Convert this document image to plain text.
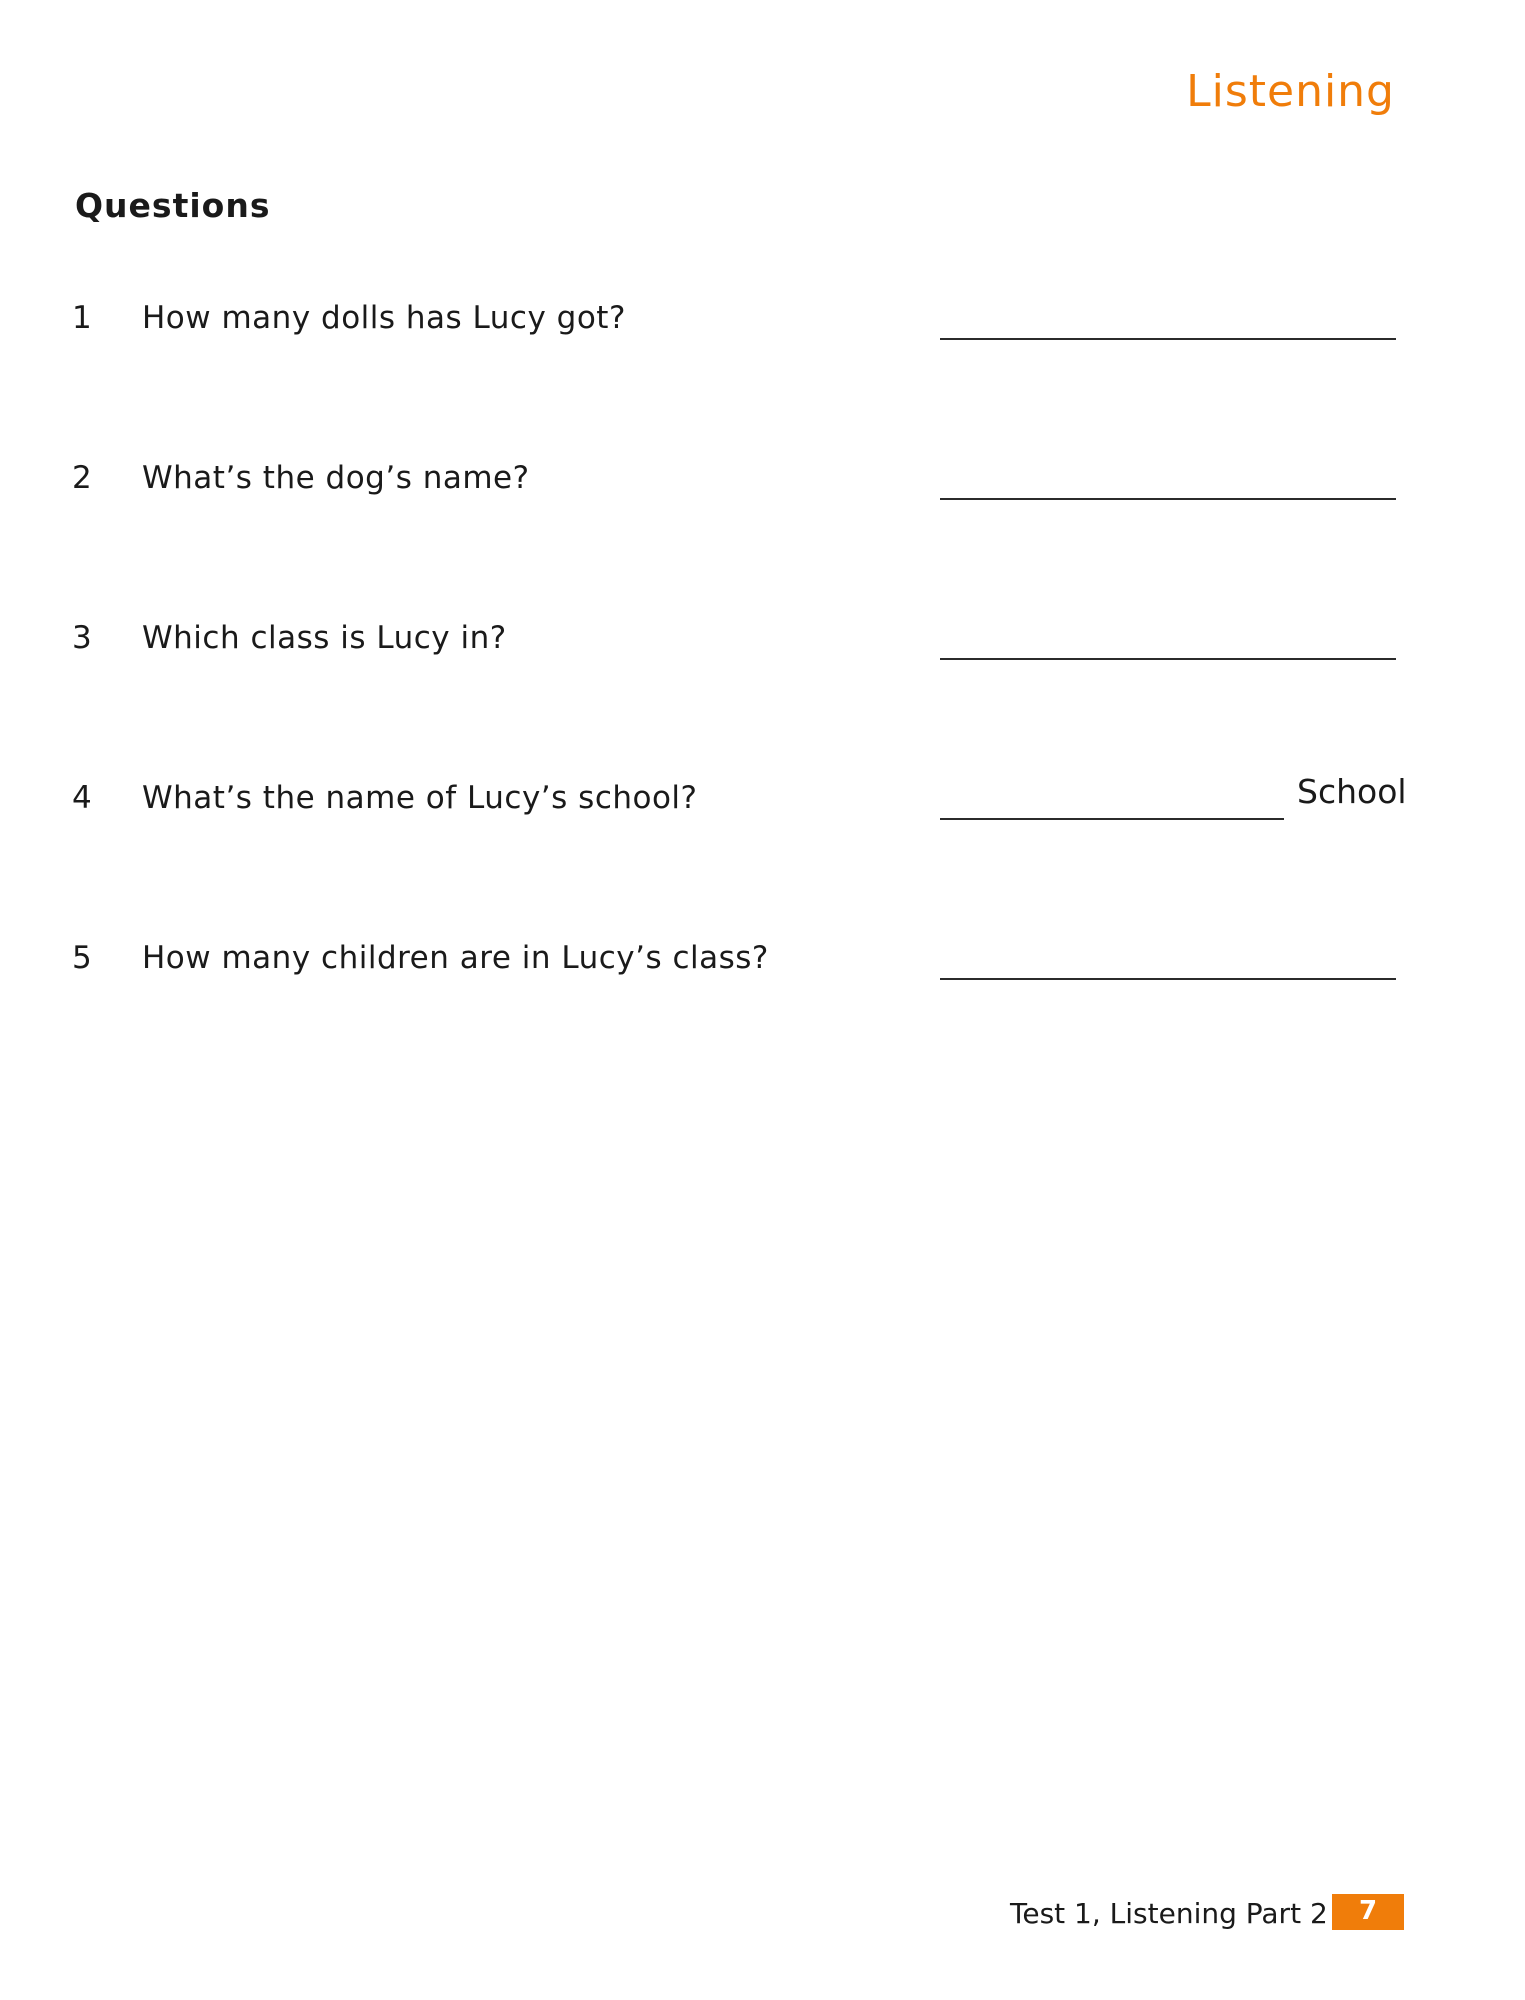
Listening
Questions
1 How many dolls has Lucy got?
2 What’s the dog’s name?
3 Which class is Lucy in?
4 What’s the name of Lucy’s school?	School
5 How many children are in Lucy’s class?
Test 1, Listening Part 2	7
